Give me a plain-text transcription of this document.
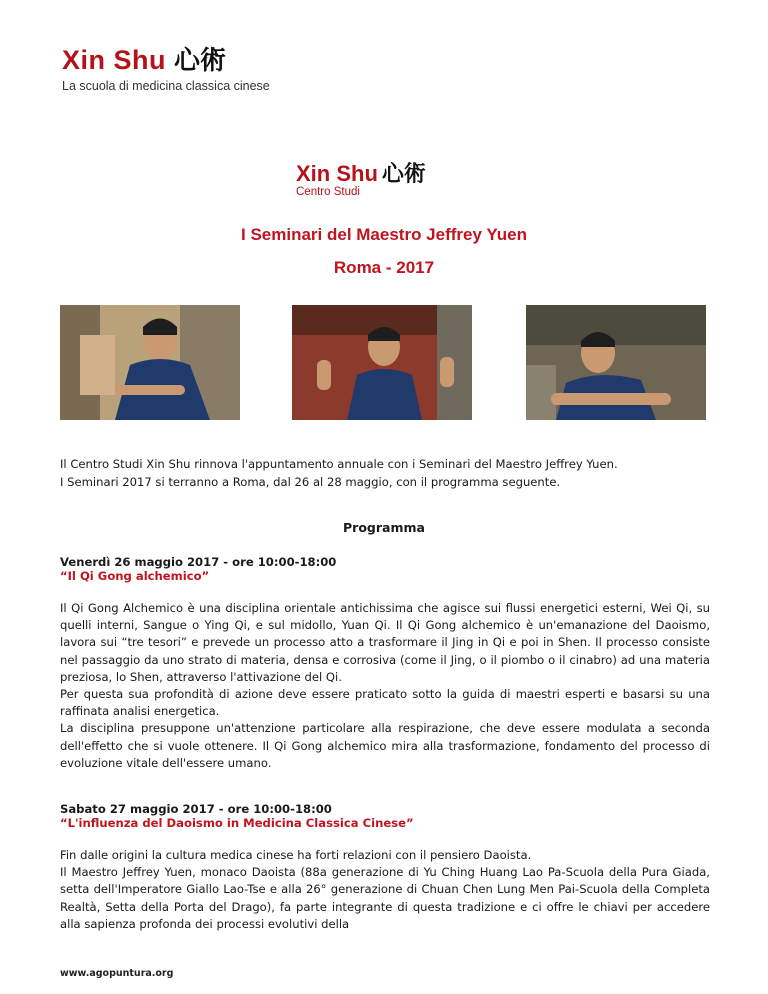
Xin Shu 心術
La scuola di medicina classica cinese
Xin Shu 心術
Centro Studi
I Seminari del Maestro Jeffrey Yuen
Roma - 2017
Il Centro Studi Xin Shu rinnova l'appuntamento annuale con i Seminari del Maestro Jeffrey Yuen.
I Seminari 2017 si terranno a Roma, dal 26 al 28 maggio, con il programma seguente.
Programma
Venerdì 26 maggio 2017 - ore 10:00-18:00
“Il Qi Gong alchemico”
Il Qi Gong Alchemico è una disciplina orientale antichissima che agisce sui flussi energetici esterni, Wei Qi, su quelli interni, Sangue o Ying Qi, e sul midollo, Yuan Qi. Il Qi Gong alchemico è un'emanazione del Daoismo, lavora sui “tre tesori” e prevede un processo atto a trasformare il Jing in Qi e poi in Shen. Il processo consiste nel passaggio da uno strato di materia, densa e corrosiva (come il Jing, o il piombo o il cinabro) ad una materia preziosa, lo Shen, attraverso l'attivazione del Qi.
Per questa sua profondità di azione deve essere praticato sotto la guida di maestri esperti e basarsi su una raffinata analisi energetica.
La disciplina presuppone un'attenzione particolare alla respirazione, che deve essere modulata a seconda dell'effetto che si vuole ottenere. Il Qi Gong alchemico mira alla trasformazione, fondamento del processo di evoluzione vitale dell'essere umano.
Sabato 27 maggio 2017 - ore 10:00-18:00
“L'influenza del Daoismo in Medicina Classica Cinese”
Fin dalle origini la cultura medica cinese ha forti relazioni con il pensiero Daoista.
Il Maestro Jeffrey Yuen, monaco Daoista (88a generazione di Yu Ching Huang Lao Pa-Scuola della Pura Giada, setta dell'Imperatore Giallo Lao-Tse e alla 26° generazione di Chuan Chen Lung Men Pai-Scuola della Completa Realtà, Setta della Porta del Drago), fa parte integrante di questa tradizione e ci offre le chiavi per accedere alla sapienza profonda dei processi evolutivi della
www.agopuntura.org
